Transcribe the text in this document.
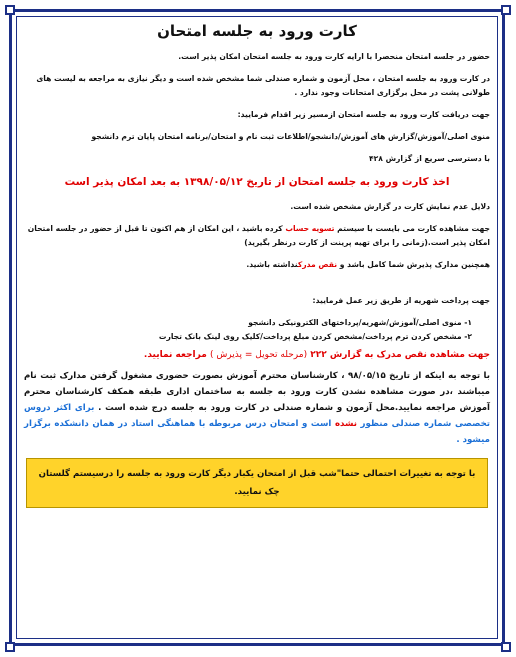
کارت ورود به جلسه امتحان
حضور در جلسه امتحان منحصرا با ارایه کارت ورود به جلسه امتحان امکان پذیر است.
در کارت ورود به جلسه امتحان ، محل آزمون و شماره صندلی شما مشخص شده است و دیگر نیازی به مراجعه به لیست های طولانی پشت در محل برگزاری امتحانات وجود ندارد .
جهت دریافت کارت ورود به جلسه امتحان ازمسیر زیر اقدام فرمایید:
منوی اصلی/آموزش/گزارش های آموزش/دانشجو/اطلاعات ثبت نام و امتحان/برنامه امتحان پایان ترم دانشجو
با دسترسی سریع از گزارش ۴۲۸
اخذ کارت ورود به جلسه امتحان از تاریخ ۱۳۹۸/۰۵/۱۲ به بعد امکان پذیر است
دلایل عدم نمایش کارت در گزارش مشخص شده است.
جهت مشاهده کارت می بایست با سیستم تسویه حساب کرده باشید ، این امکان از هم اکنون تا قبل از حضور در جلسه امتحان امکان پذیر است.(زمانی را برای تهیه پرینت از کارت درنظر بگیرید)
همچنین مدارک پذیرش شما کامل باشد و نقص مدرکنداشته باشید.
جهت پرداخت شهریه از طریق زیر عمل فرمایید:
۱- منوی اصلی/آموزش/شهریه/پرداختهای الکترونیکی دانشجو
۲- مشخص کردن ترم پرداخت/مشخص کردن مبلغ پرداخت/کلیک روی لینک بانک تجارت
جهت مشاهده نقص مدرک به گزارش ۲۲۲ (مرحله تحویل = پذیرش ) مراجعه نمایید.
با توجه به اینکه از تاریخ ۹۸/۰۵/۱۵ ، کارشناسان محترم آموزش بصورت حضوری مشغول گرفتن مدارک ثبت نام میباشند ،در صورت مشاهده نشدن کارت ورود به جلسه به ساختمان اداری طبقه همکف کارشناسان محترم آموزش مراجعه نمایید.محل آزمون و شماره صندلی در کارت ورود به جلسه درج شده است . برای اکثر دروس تخصصی شماره صندلی منظور نشده است و امتحان درس مربوطه با هماهنگی استاد در همان دانشکده برگزار میشود .
با توجه به تغییرات احتمالی حتما"شب قبل از امتحان یکبار دیگر کارت ورود به جلسه را درسیستم گلستان چک نمایید.
